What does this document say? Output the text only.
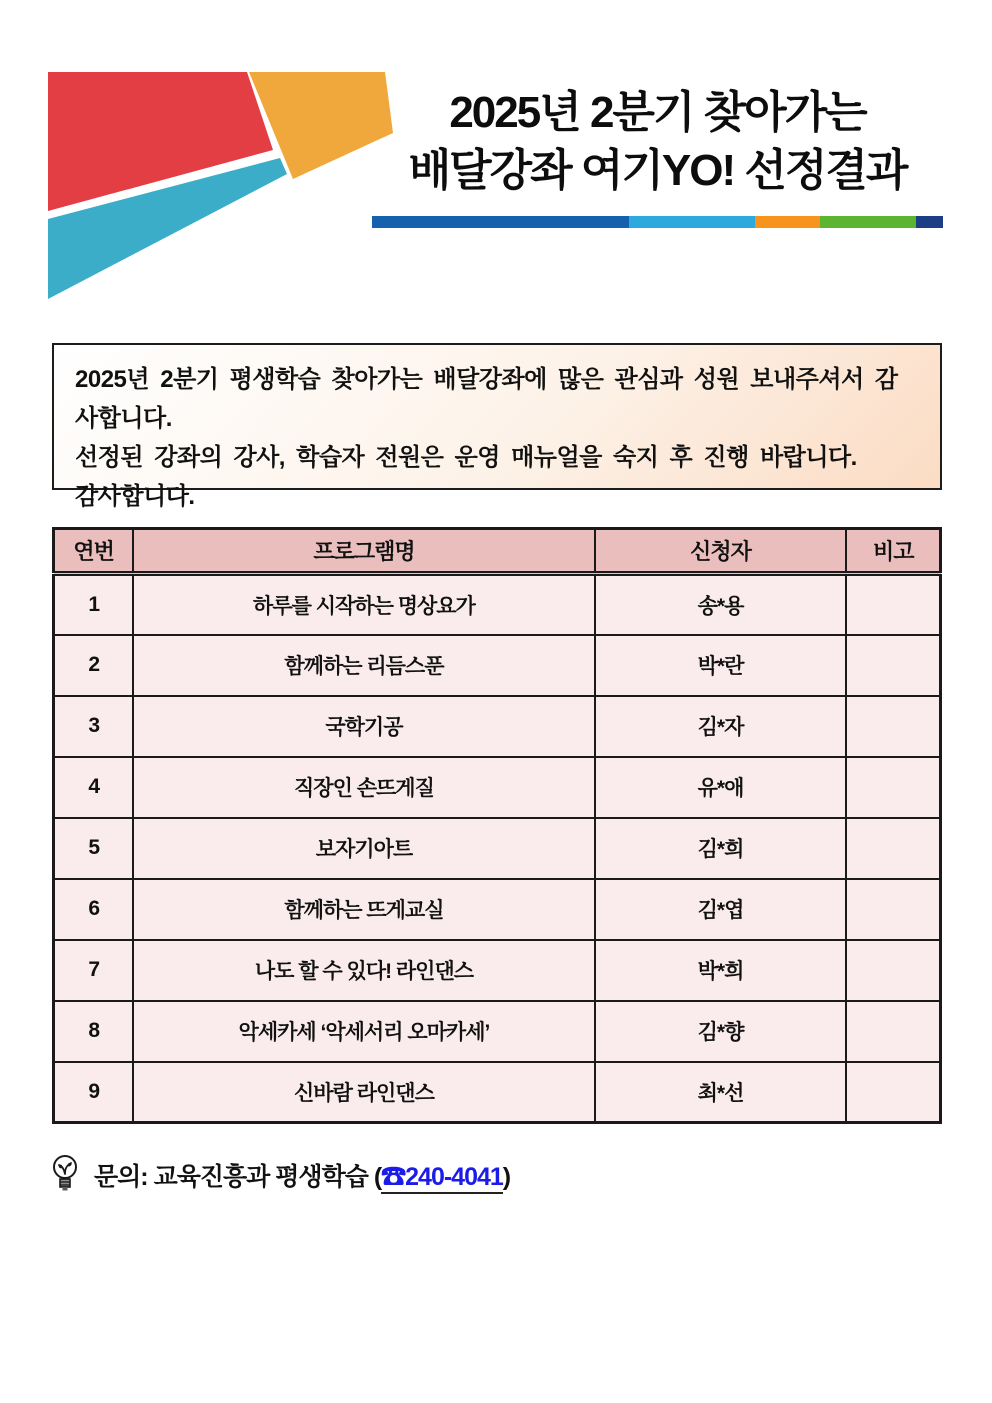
2025년 2분기 찾아가는
배달강좌 여기YO! 선정결과
2025년 2분기 평생학습 찾아가는 배달강좌에 많은 관심과 성원 보내주셔서 감사합니다.
선정된 강좌의 강사, 학습자 전원은 운영 매뉴얼을 숙지 후 진행 바랍니다.
감사합니다.
연번	프로그램명	신청자	비고
1	하루를 시작하는 명상요가	송*용	
2	함께하는 리듬스푼	박*란	
3	국학기공	김*자	
4	직장인 손뜨게질	유*애	
5	보자기아트	김*희	
6	함께하는 뜨게교실	김*엽	
7	나도 할 수 있다! 라인댄스	박*희	
8	악세카세 ‘악세서리 오마카세’	김*향	
9	신바람 라인댄스	최*선	
문의: 교육진흥과 평생학습 (☎240-4041)
